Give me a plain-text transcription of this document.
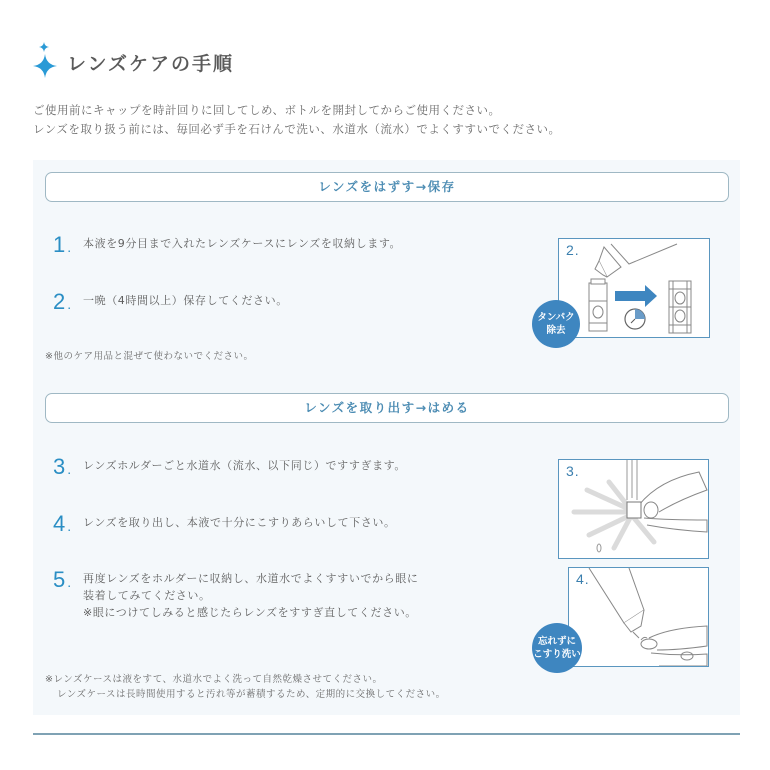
レンズケアの手順
ご使用前にキャップを時計回りに回してしめ、ボトルを開封してからご使用ください。
レンズを取り扱う前には、毎回必ず手を石けんで洗い、水道水（流水）でよくすすいでください。
レンズをはずす→保存
1 .	本液を9分目まで入れたレンズケースにレンズを収納します。
2 .	一晩（4時間以上）保存してください。
※他のケア用品と混ぜて使わないでください。
2.
タンパク
除去
レンズを取り出す→はめる
3 .	レンズホルダーごと水道水（流水、以下同じ）ですすぎます。
4 .	レンズを取り出し、本液で十分にこすりあらいして下さい。
5 .	再度レンズをホルダーに収納し、水道水でよくすすいでから眼に
装着してみてください。
※眼につけてしみると感じたらレンズをすすぎ直してください。
3.
4.
忘れずに
こすり洗い
※レンズケースは液をすて、水道水でよく洗って自然乾燥させてください。
レンズケースは長時間使用すると汚れ等が蓄積するため、定期的に交換してください。
